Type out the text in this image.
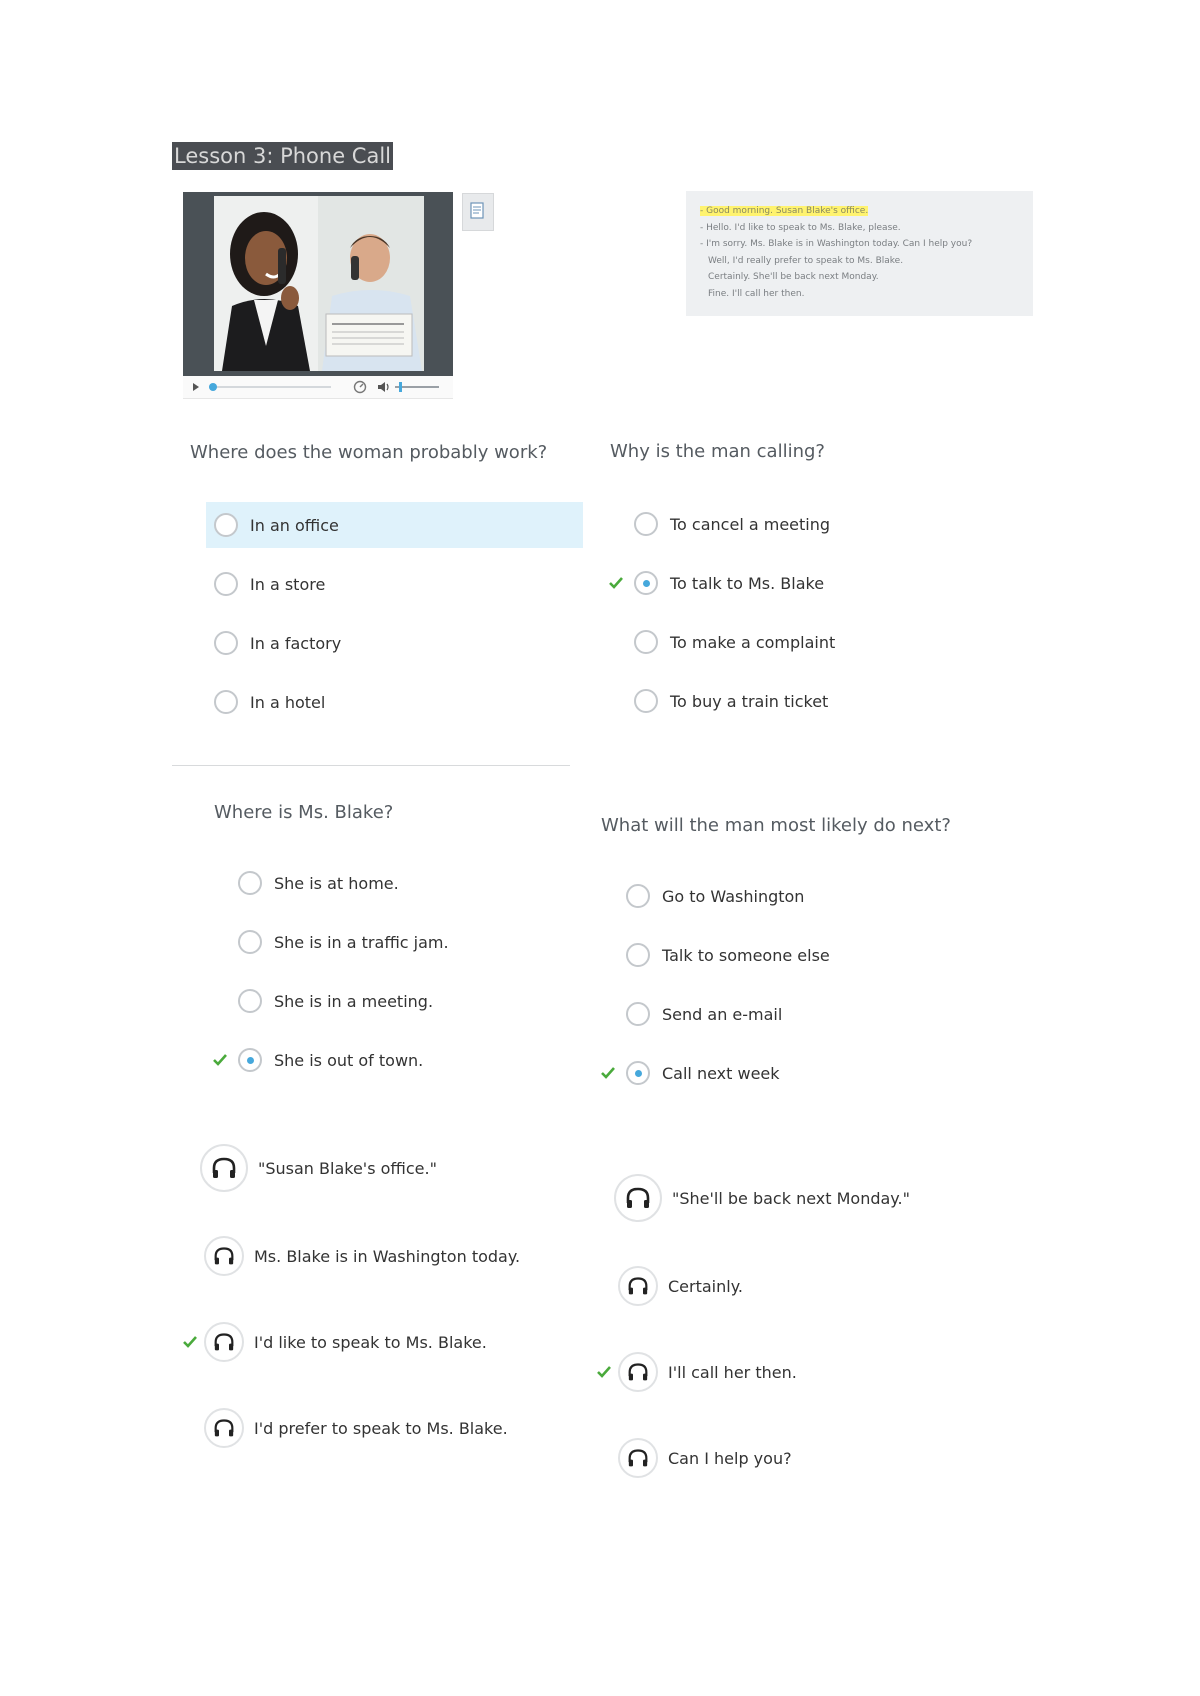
Lesson 3: Phone Call
- Good morning. Susan Blake's office.
- Hello. I'd like to speak to Ms. Blake, please.
- I'm sorry. Ms. Blake is in Washington today. Can I help you?
Well, I'd really prefer to speak to Ms. Blake.
Certainly. She'll be back next Monday.
Fine. I'll call her then.
Where does the woman probably work?
In an office
In a store
In a factory
In a hotel
Why is the man calling?
To cancel a meeting
To talk to Ms. Blake
To make a complaint
To buy a train ticket
Where is Ms. Blake?
She is at home.
She is in a traffic jam.
She is in a meeting.
She is out of town.
What will the man most likely do next?
Go to Washington
Talk to someone else
Send an e-mail
Call next week
"Susan Blake's office."
Ms. Blake is in Washington today.
I'd like to speak to Ms. Blake.
I'd prefer to speak to Ms. Blake.
"She'll be back next Monday."
Certainly.
I'll call her then.
Can I help you?
